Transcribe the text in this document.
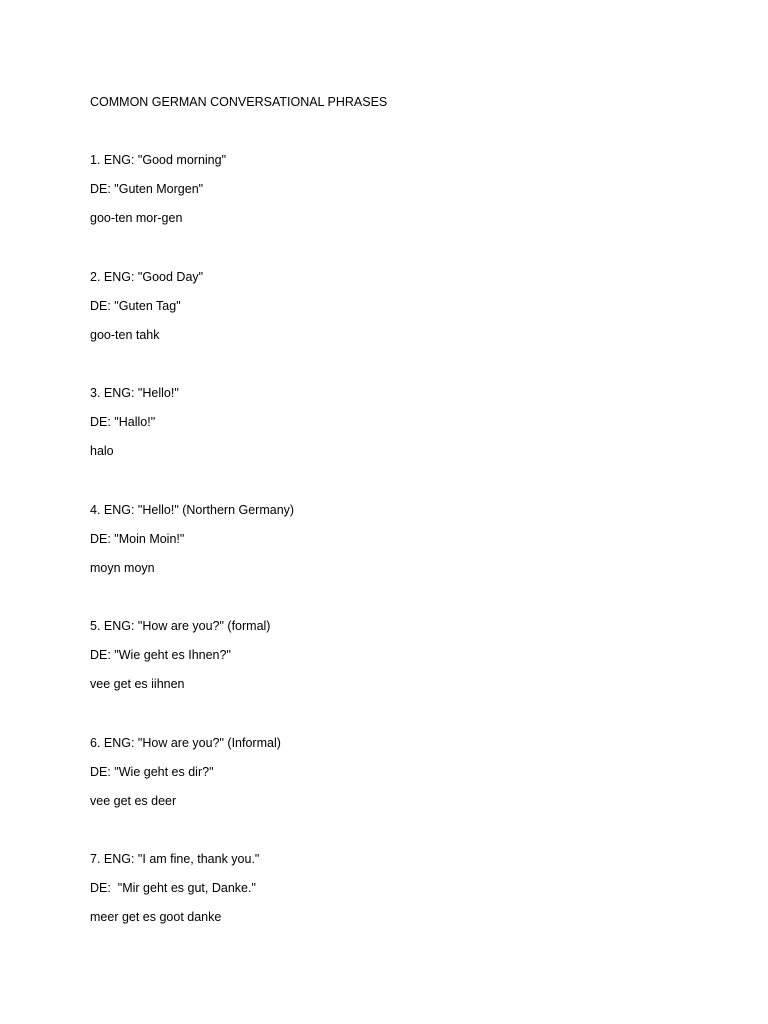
COMMON GERMAN CONVERSATIONAL PHRASES
1. ENG: "Good morning"
DE: "Guten Morgen"
goo-ten mor-gen
2. ENG: "Good Day"
DE: "Guten Tag"
goo-ten tahk
3. ENG: "Hello!"
DE: "Hallo!"
halo
4. ENG: "Hello!" (Northern Germany)
DE: "Moin Moin!"
moyn moyn
5. ENG: "How are you?" (formal)
DE: "Wie geht es Ihnen?"
vee get es iihnen
6. ENG: "How are you?" (Informal)
DE: "Wie geht es dir?"
vee get es deer
7. ENG: "I am fine, thank you."
DE:  "Mir geht es gut, Danke."
meer get es goot danke
